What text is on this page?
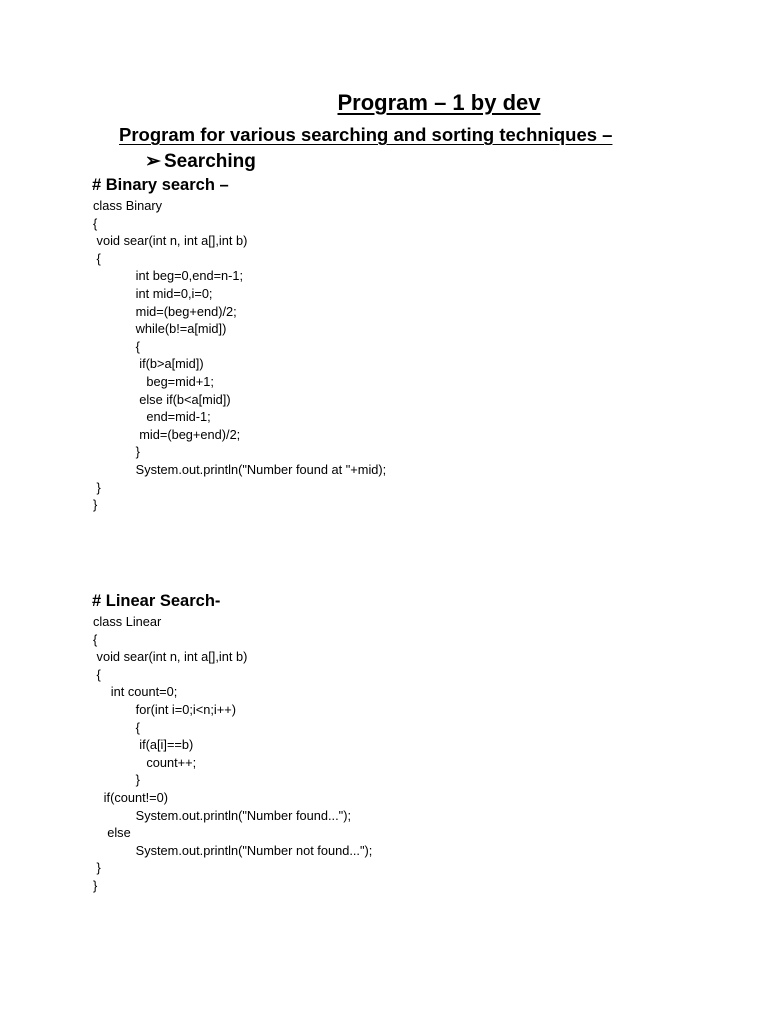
Program – 1 by dev
Program for various searching and sorting techniques –
➢ Searching
# Binary search –
class Binary
{
void sear(int n, int a[],int b)
{
int beg=0,end=n-1;
int mid=0,i=0;
mid=(beg+end)/2;
while(b!=a[mid])
{
if(b>a[mid])
beg=mid+1;
else if(b<a[mid])
end=mid-1;
mid=(beg+end)/2;
}
System.out.println("Number found at "+mid);
}
}
# Linear Search-
class Linear
{
void sear(int n, int a[],int b)
{
int count=0;
for(int i=0;i<n;i++)
{
if(a[i]==b)
count++;
}
if(count!=0)
System.out.println("Number found...");
else
System.out.println("Number not found...");
}
}
